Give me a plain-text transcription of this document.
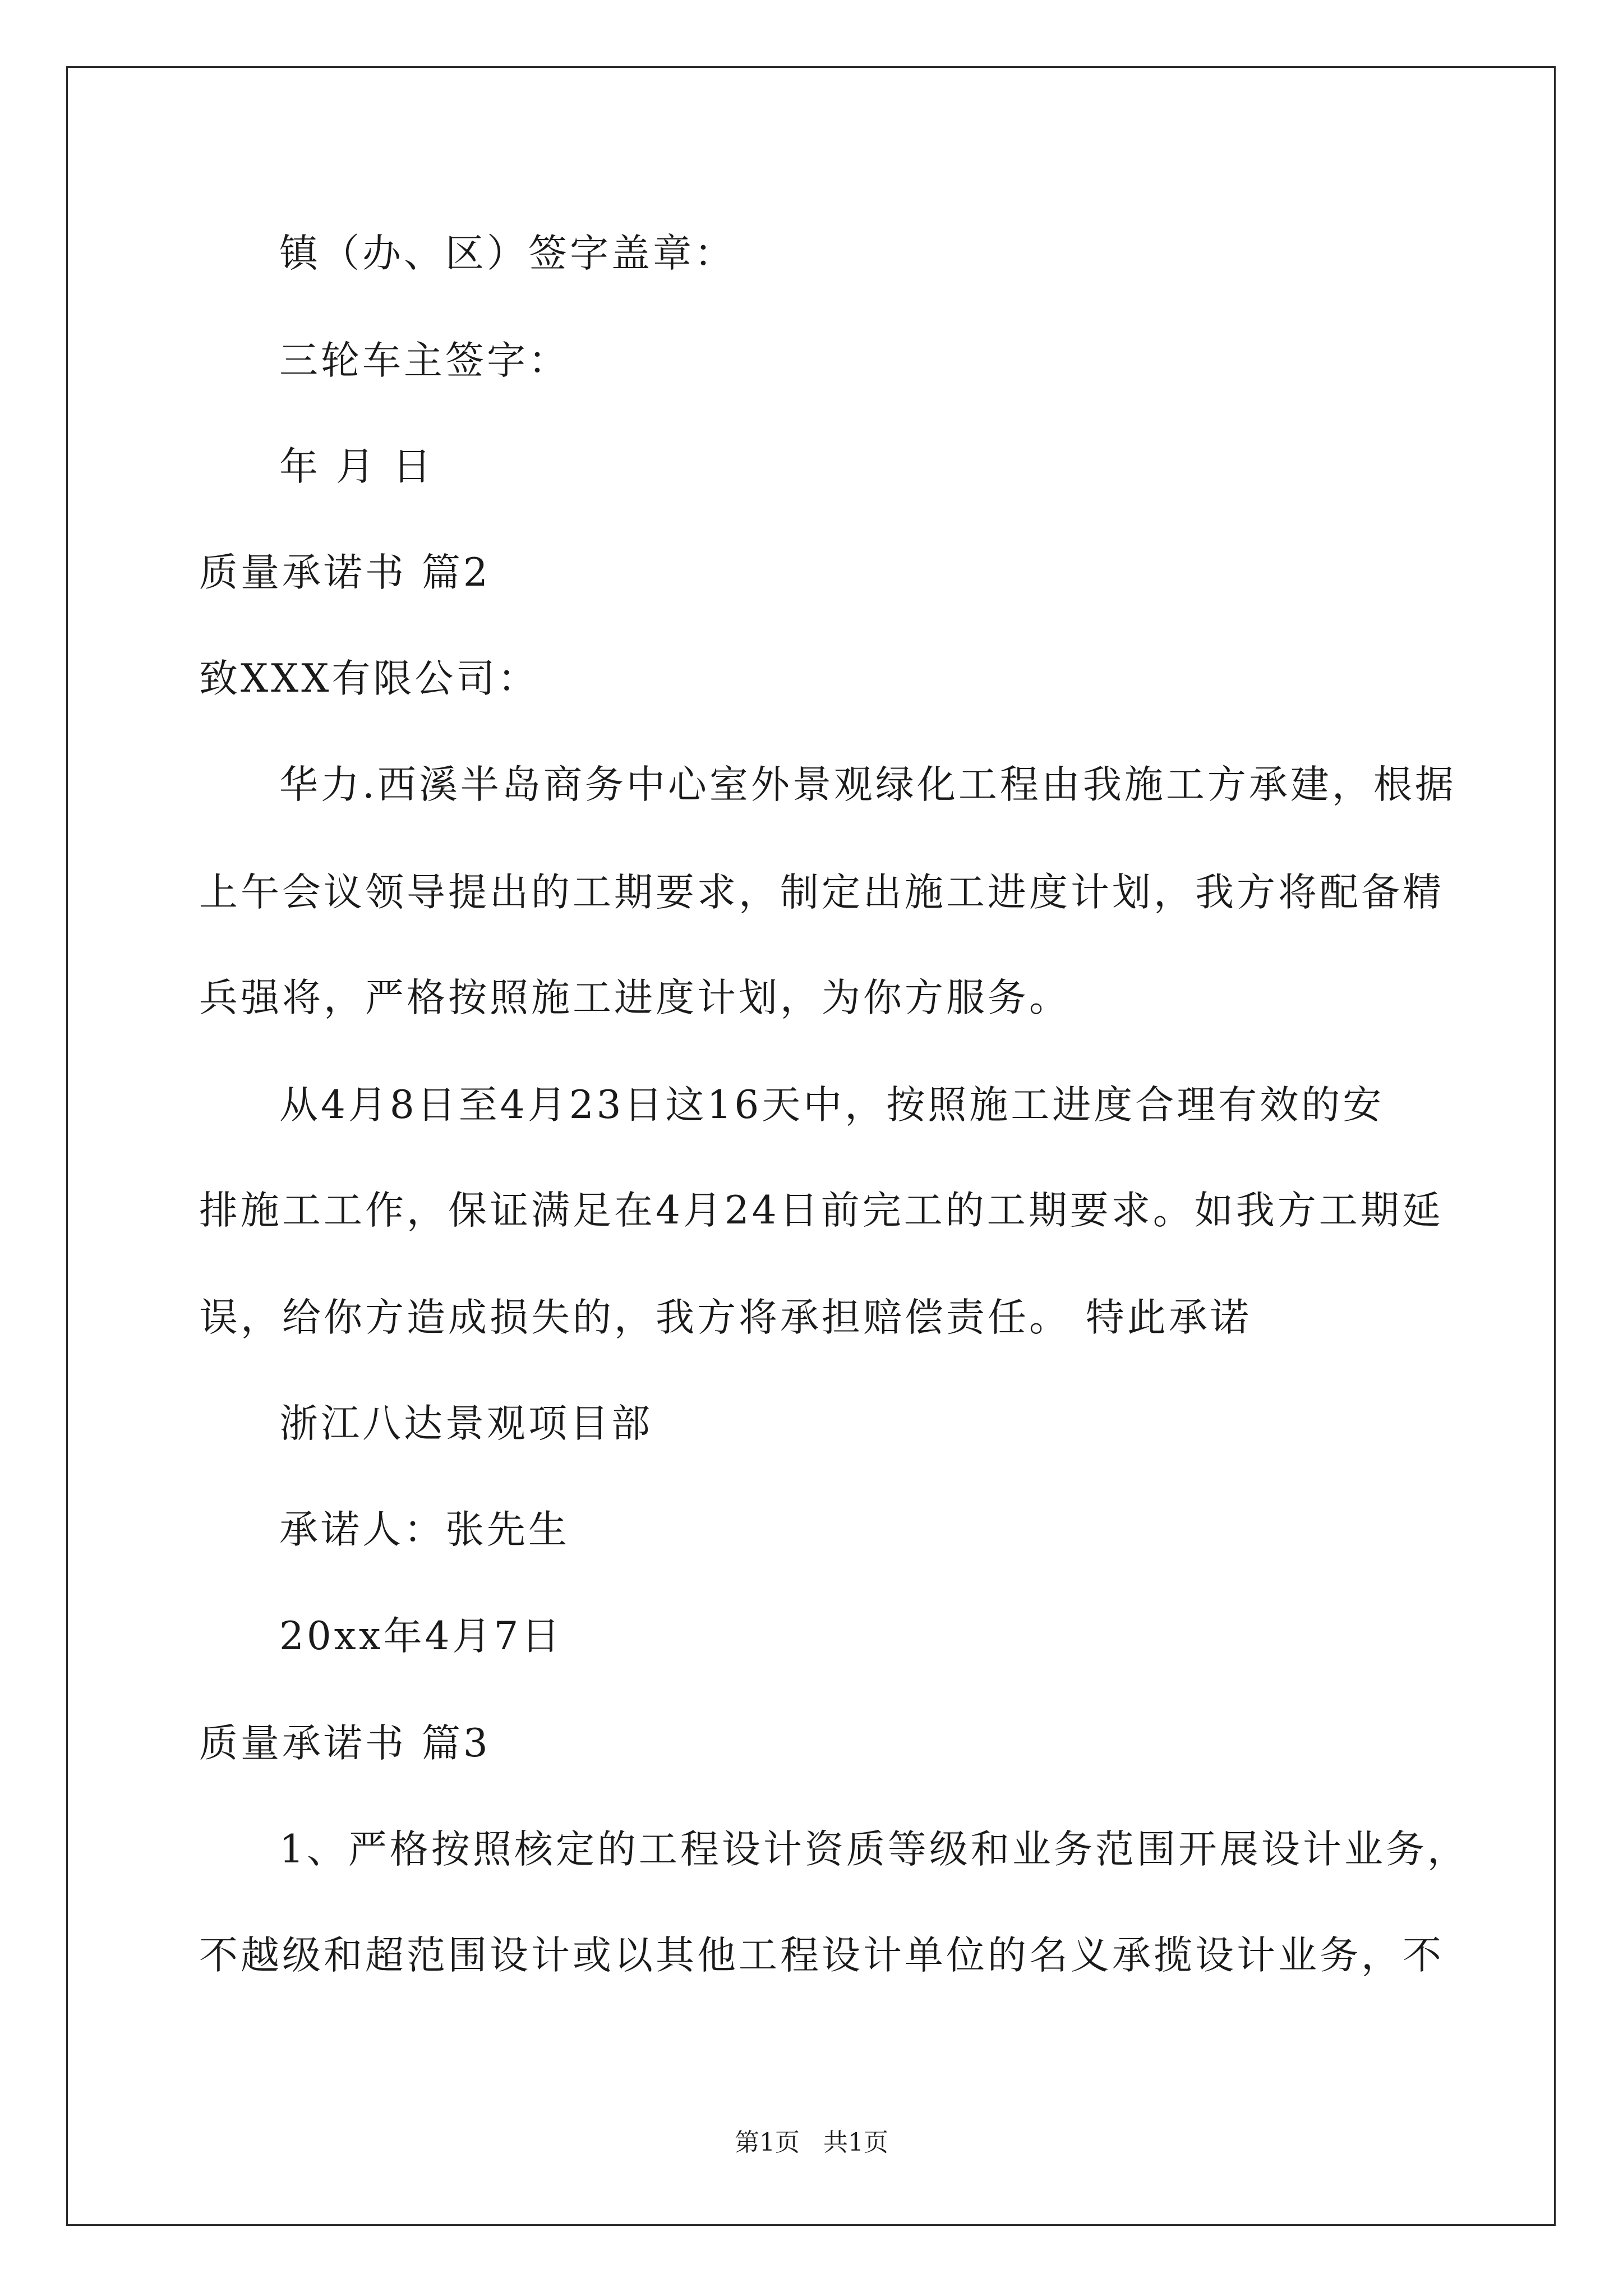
镇（办、区）签字盖章：
三轮车主签字：
年 月 日
质量承诺书 篇2
致XXX有限公司：
华力.西溪半岛商务中心室外景观绿化工程由我施工方承建，根据
上午会议领导提出的工期要求，制定出施工进度计划，我方将配备精
兵强将，严格按照施工进度计划，为你方服务。
从4月8日至4月23日这16天中，按照施工进度合理有效的安
排施工工作，保证满足在4月24日前完工的工期要求。如我方工期延
误，给你方造成损失的，我方将承担赔偿责任。 特此承诺
浙江八达景观项目部
承诺人：张先生
20xx年4月7日
质量承诺书 篇3
1、严格按照核定的工程设计资质等级和业务范围开展设计业务，
不越级和超范围设计或以其他工程设计单位的名义承揽设计业务，不
第1页   共1页
